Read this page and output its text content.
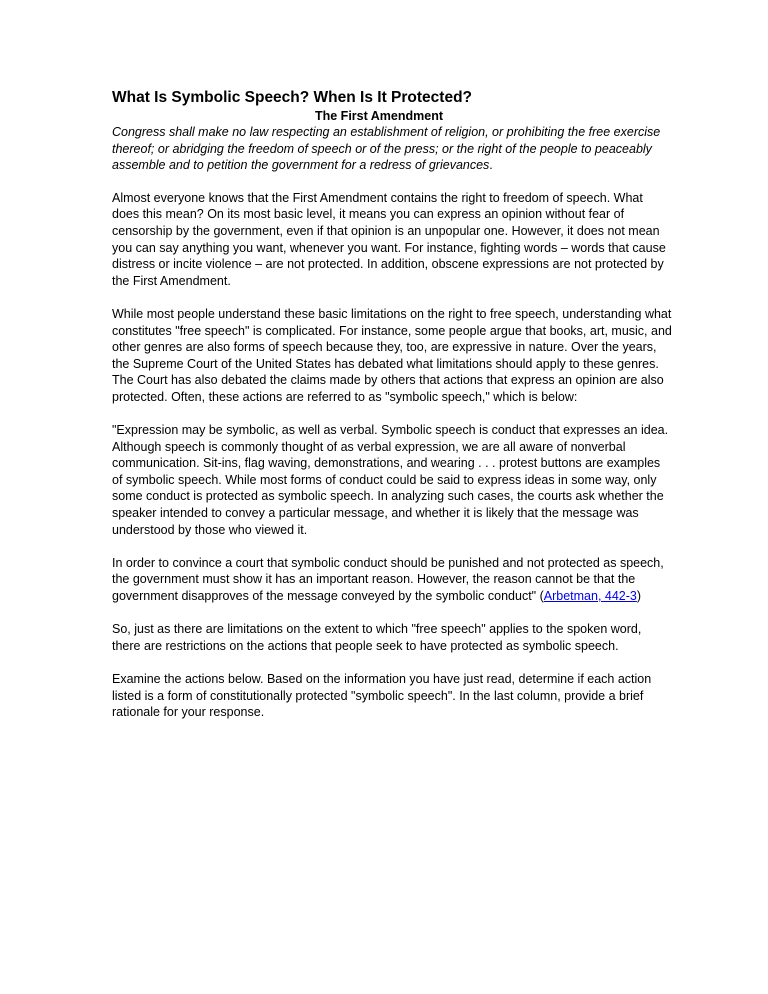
What Is Symbolic Speech? When Is It Protected?

The First Amendment

Congress shall make no law respecting an establishment of religion, or prohibiting the free exercise thereof; or abridging the freedom of speech or of the press; or the right of the people to peaceably assemble and to petition the government for a redress of grievances.

Almost everyone knows that the First Amendment contains the right to freedom of speech. What does this mean? On its most basic level, it means you can express an opinion without fear of censorship by the government, even if that opinion is an unpopular one. However, it does not mean you can say anything you want, whenever you want. For instance, fighting words – words that cause distress or incite violence – are not protected. In addition, obscene expressions are not protected by the First Amendment.

While most people understand these basic limitations on the right to free speech, understanding what constitutes "free speech" is complicated. For instance, some people argue that books, art, music, and other genres are also forms of speech because they, too, are expressive in nature. Over the years, the Supreme Court of the United States has debated what limitations should apply to these genres. The Court has also debated the claims made by others that actions that express an opinion are also protected. Often, these actions are referred to as "symbolic speech," which is below:

"Expression may be symbolic, as well as verbal. Symbolic speech is conduct that expresses an idea. Although speech is commonly thought of as verbal expression, we are all aware of nonverbal communication. Sit-ins, flag waving, demonstrations, and wearing . . . protest buttons are examples of symbolic speech. While most forms of conduct could be said to express ideas in some way, only some conduct is protected as symbolic speech. In analyzing such cases, the courts ask whether the speaker intended to convey a particular message, and whether it is likely that the message was understood by those who viewed it.

In order to convince a court that symbolic conduct should be punished and not protected as speech, the government must show it has an important reason. However, the reason cannot be that the government disapproves of the message conveyed by the symbolic conduct" (Arbetman, 442-3)

So, just as there are limitations on the extent to which "free speech" applies to the spoken word, there are restrictions on the actions that people seek to have protected as symbolic speech.

Examine the actions below. Based on the information you have just read, determine if each action listed is a form of constitutionally protected "symbolic speech". In the last column, provide a brief rationale for your response.
